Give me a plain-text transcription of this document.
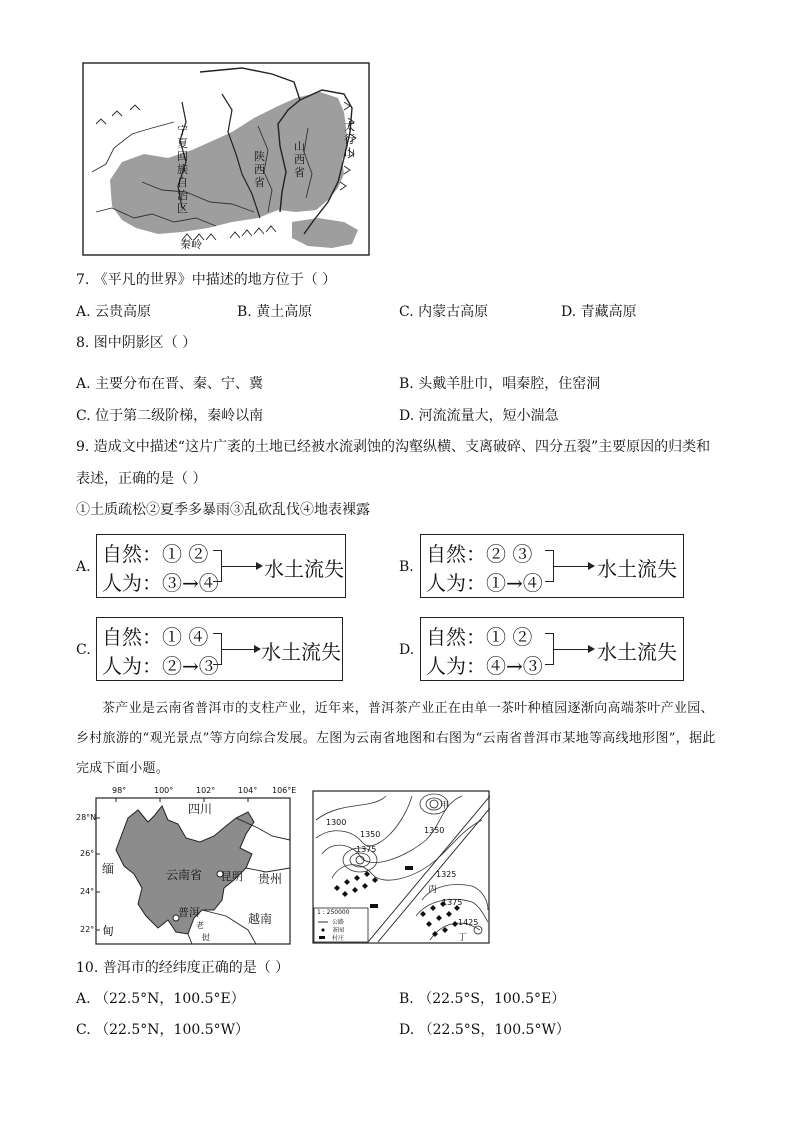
宁夏回族自治区
陕西省
山西省
太行山
秦岭
7. 《平凡的世界》中描述的地方位于（ ）
A. 云贵高原	B. 黄土高原	C. 内蒙古高原	D. 青藏高原
8. 图中阴影区（ ）
A. 主要分布在晋、秦、宁、冀	B. 头戴羊肚巾，唱秦腔，住窑洞
C. 位于第二级阶梯，秦岭以南	D. 河流流量大，短小湍急
9. 造成文中描述“这片广袤的土地已经被水流剥蚀的沟壑纵横、支离破碎、四分五裂”主要原因的归类和
表述，正确的是（ ）
①土质疏松②夏季多暴雨③乱砍乱伐④地表裸露
A.
自然：① ②
人为：③→④
水土流失	B.
自然：② ③
人为：①→④
水土流失
C.
自然：① ④
人为：②→③
水土流失	D.
自然：① ②
人为：④→③
水土流失
茶产业是云南省普洱市的支柱产业，近年来，普洱茶产业正在由单一茶叶种植园逐渐向高端茶叶产业园、乡村旅游的“观光景点”等方向综合发展。左图为云南省地图和右图为“云南省普洱市某地等高线地形图”，据此完成下面小题。
98°	100°	102°	104° 106°E
28°N
26°
24°
22°
四川
缅
甸
云南省 昆明 贵州
普洱	越南
老
挝
1300
1350	1350
1375
1325
1375
1425
甲
丙
丁
1 : 250000
公路
茶园
村庄
10. 普洱市的经纬度正确的是（ ）
A. （22.5°N，100.5°E）	B. （22.5°S，100.5°E）
C. （22.5°N，100.5°W）	D. （22.5°S，100.5°W）
